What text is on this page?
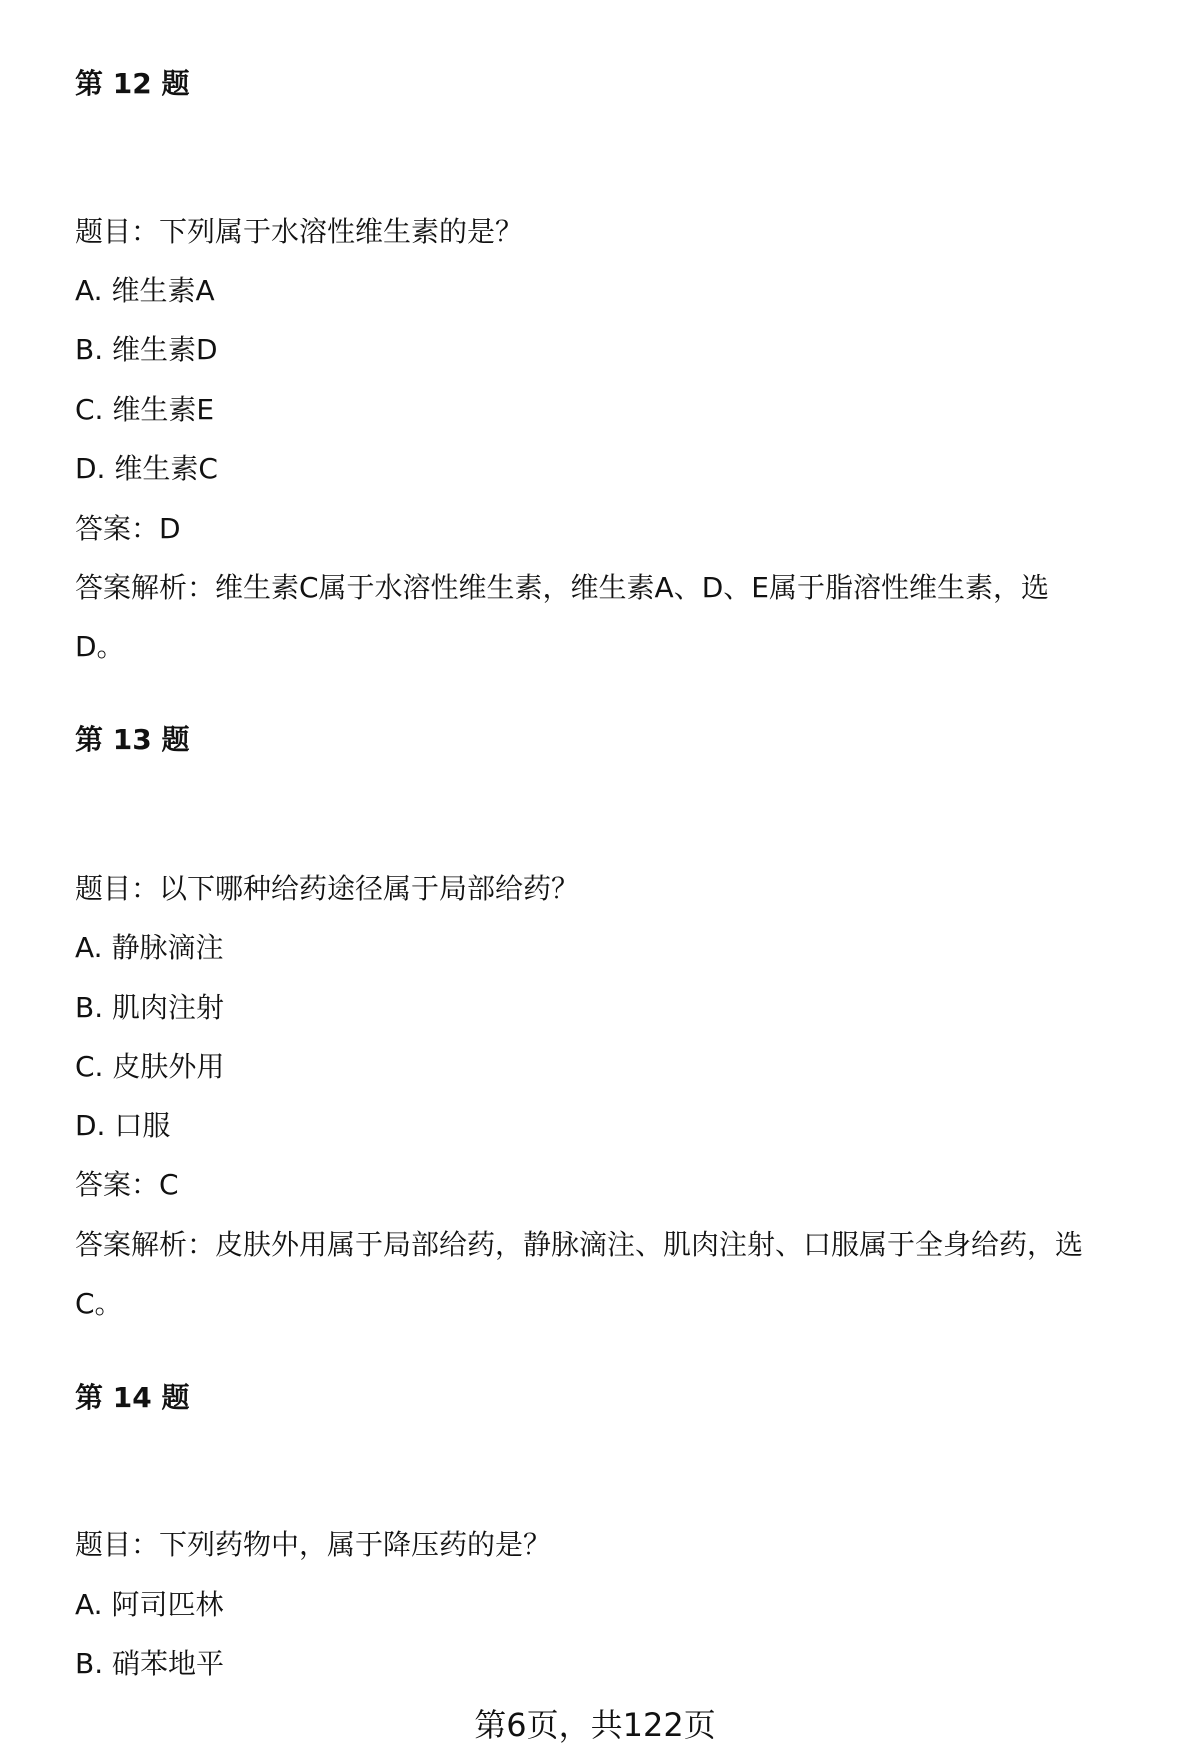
第 12 题
题目：下列属于水溶性维生素的是？
A. 维生素A
B. 维生素D
C. 维生素E
D. 维生素C
答案：D
答案解析：维生素C属于水溶性维生素，维生素A、D、E属于脂溶性维生素，选
D。
第 13 题
题目：以下哪种给药途径属于局部给药？
A. 静脉滴注
B. 肌肉注射
C. 皮肤外用
D. 口服
答案：C
答案解析：皮肤外用属于局部给药，静脉滴注、肌肉注射、口服属于全身给药，选
C。
第 14 题
题目：下列药物中，属于降压药的是？
A. 阿司匹林
B. 硝苯地平
第6页，共122页
